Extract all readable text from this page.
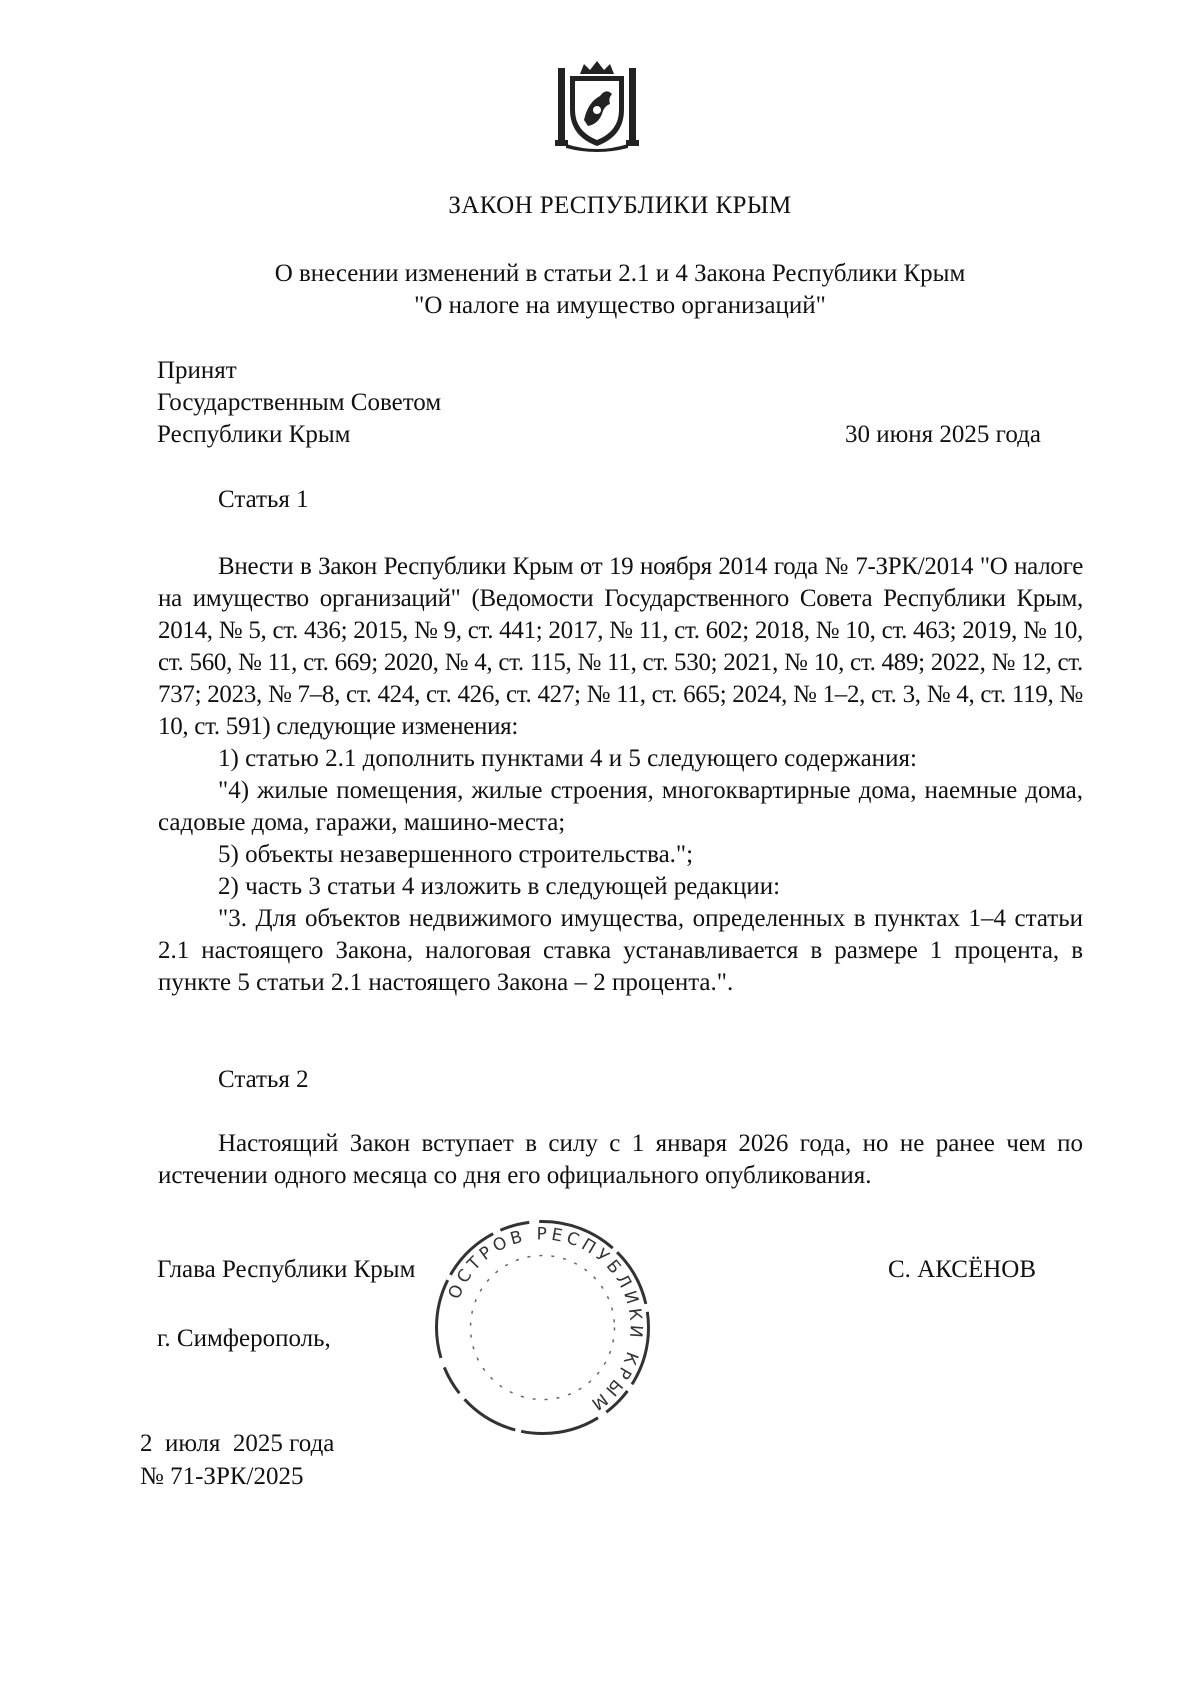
ЗАКОН РЕСПУБЛИКИ КРЫМ
О внесении изменений в статьи 2.1 и 4 Закона Республики Крым
"О налоге на имущество организаций"
Принят
Государственным Советом
Республики Крым	30 июня 2025 года
Статья 1

Внести в Закон Республики Крым от 19 ноября 2014 года № 7-ЗРК/2014 "О налоге на имущество организаций" (Ведомости Государственного Совета Республики Крым, 2014, № 5, ст. 436; 2015, № 9, ст. 441; 2017, № 11, ст. 602; 2018, № 10, ст. 463; 2019, № 10, ст. 560, № 11, ст. 669; 2020, № 4, ст. 115, № 11, ст. 530; 2021, № 10, ст. 489; 2022, № 12, ст. 737; 2023, № 7–8, ст. 424, ст. 426, ст. 427; № 11, ст. 665; 2024, № 1–2, ст. 3, № 4, ст. 119, № 10, ст. 591) следующие изменения:

1) статью 2.1 дополнить пунктами 4 и 5 следующего содержания:

"4) жилые помещения, жилые строения, многоквартирные дома, наемные дома, садовые дома, гаражи, машино-места;

5) объекты незавершенного строительства.";

2) часть 3 статьи 4 изложить в следующей редакции:

"3. Для объектов недвижимого имущества, определенных в пунктах 1–4 статьи 2.1 настоящего Закона, налоговая ставка устанавливается в размере 1 процента, в пункте 5 статьи 2.1 настоящего Закона – 2 процента.".

Статья 2

Настоящий Закон вступает в силу с 1 января 2026 года, но не ранее чем по истечении одного месяца со дня его официального опубликования.

Глава Республики Крым	С. АКСЁНОВ
ОСТРОВ РЕСПУБЛИКИ КРЫМ
г. Симферополь,
2  июля  2025 года
№ 71-ЗРК/2025
